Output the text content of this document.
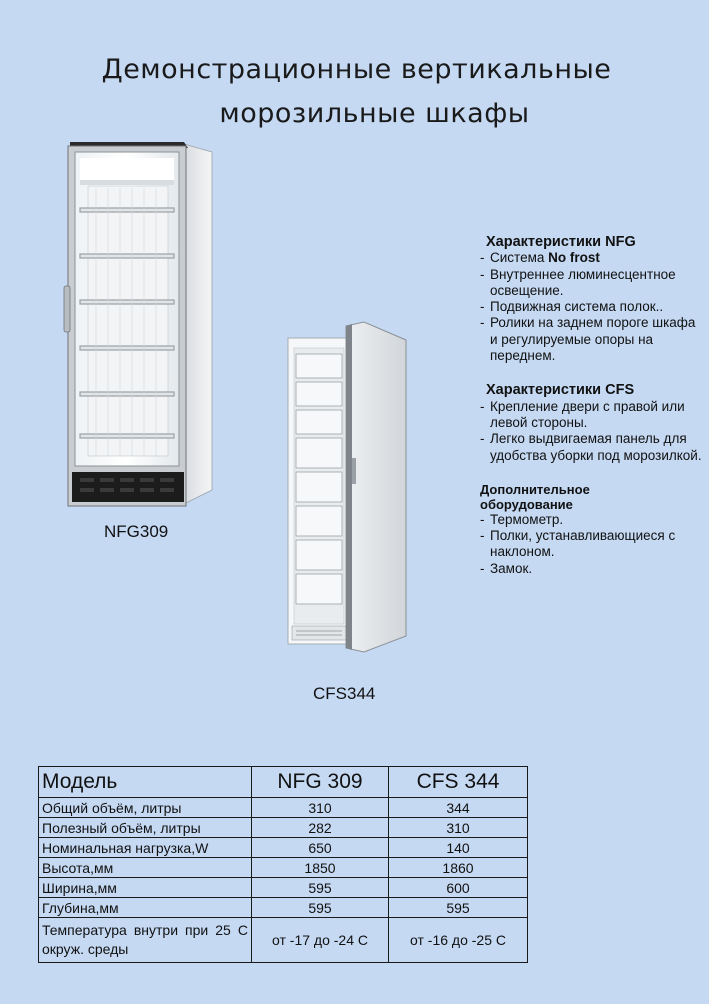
Демонстрационные вертикальные
морозильные шкафы
NFG309
CFS344

Характеристики NFG

- Система No frost
- Внутреннее люминесцентное освещение.
- Подвижная система полок..
- Ролики на заднем пороге шкафа и регулируемые опоры на переднем.

Характеристики CFS

- Крепление двери с правой или левой стороны.
- Легко выдвигаемая панель для удобства уборки под морозилкой.

Дополнительное

оборудование

- Термометр.
- Полки, устанавливающиеся с наклоном.
- Замок.
Модель	NFG 309	CFS 344
Общий объём, литры	310	344
Полезный объём, литры	282	310
Номинальная нагрузка,W	650	140
Высота,мм	1850	1860
Ширина,мм	595	600
Глубина,мм	595	595
Температура внутри при 25 С окруж. среды	от -17 до -24 С	от -16 до -25 С
